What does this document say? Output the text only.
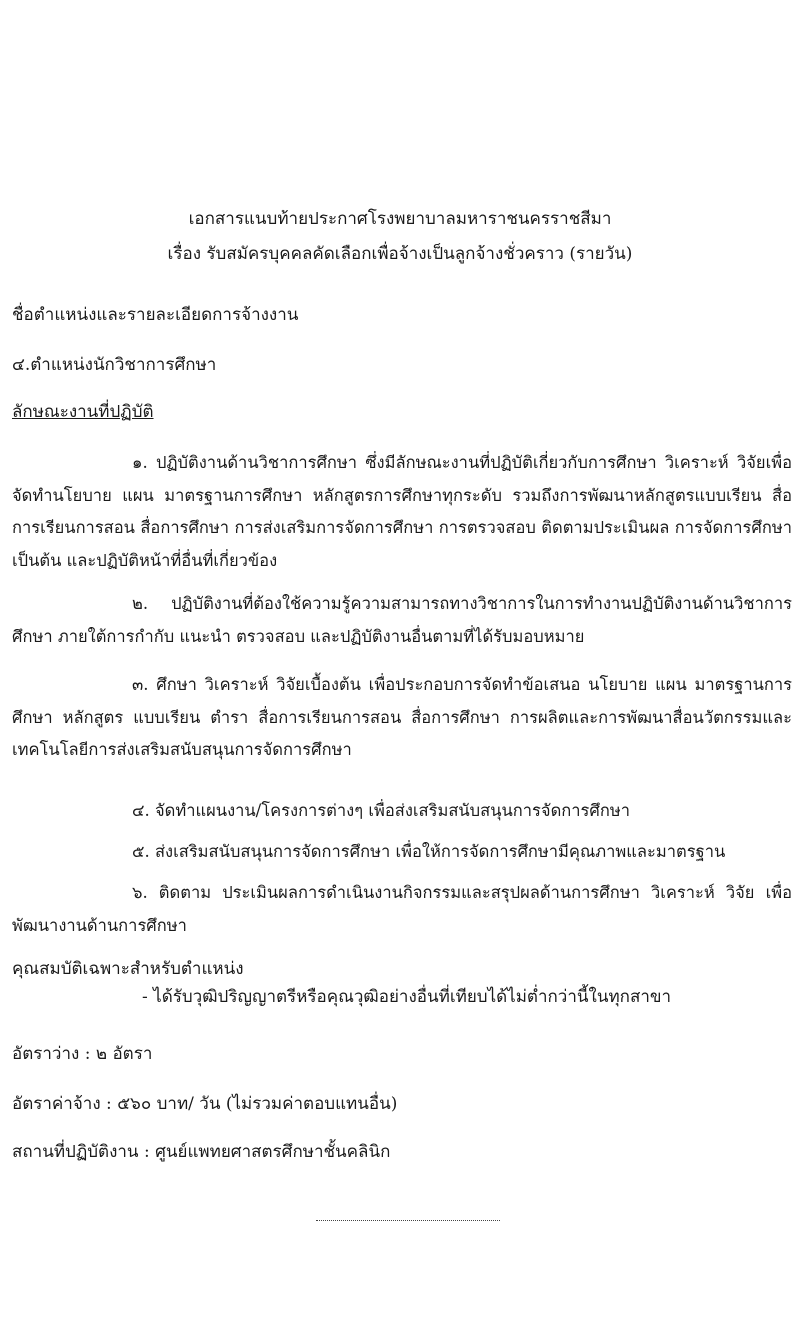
เอกสารแนบท้ายประกาศโรงพยาบาลมหาราชนครราชสีมา
เรื่อง รับสมัครบุคคลคัดเลือกเพื่อจ้างเป็นลูกจ้างชั่วคราว (รายวัน)
ชื่อตำแหน่งและรายละเอียดการจ้างงาน
๔.ตำแหน่งนักวิชาการศึกษา
ลักษณะงานที่ปฏิบัติ
๑. ปฏิบัติงานด้านวิชาการศึกษา ซึ่งมีลักษณะงานที่ปฏิบัติเกี่ยวกับการศึกษา วิเคราะห์ วิจัยเพื่อจัดทำนโยบาย แผน มาตรฐานการศึกษา หลักสูตรการศึกษาทุกระดับ รวมถึงการพัฒนาหลักสูตรแบบเรียน สื่อการเรียนการสอน สื่อการศึกษา การส่งเสริมการจัดการศึกษา การตรวจสอบ ติดตามประเมินผล การจัดการศึกษา เป็นต้น และปฏิบัติหน้าที่อื่นที่เกี่ยวข้อง
๒. ปฏิบัติงานที่ต้องใช้ความรู้ความสามารถทางวิชาการในการทำงานปฏิบัติงานด้านวิชาการศึกษา ภายใต้การกำกับ แนะนำ ตรวจสอบ และปฏิบัติงานอื่นตามที่ได้รับมอบหมาย
๓. ศึกษา วิเคราะห์ วิจัยเบื้องต้น เพื่อประกอบการจัดทำข้อเสนอ นโยบาย แผน มาตรฐานการศึกษา หลักสูตร แบบเรียน ตำรา สื่อการเรียนการสอน สื่อการศึกษา การผลิตและการพัฒนาสื่อนวัตกรรมและเทคโนโลยีการส่งเสริมสนับสนุนการจัดการศึกษา
๔. จัดทำแผนงาน/โครงการต่างๆ เพื่อส่งเสริมสนับสนุนการจัดการศึกษา
๕. ส่งเสริมสนับสนุนการจัดการศึกษา เพื่อให้การจัดการศึกษามีคุณภาพและมาตรฐาน
๖. ติดตาม ประเมินผลการดำเนินงานกิจกรรมและสรุปผลด้านการศึกษา วิเคราะห์ วิจัย เพื่อพัฒนางานด้านการศึกษา
คุณสมบัติเฉพาะสำหรับตำแหน่ง
- ได้รับวุฒิปริญญาตรีหรือคุณวุฒิอย่างอื่นที่เทียบได้ไม่ต่ำกว่านี้ในทุกสาขา
อัตราว่าง : ๒ อัตรา
อัตราค่าจ้าง : ๕๖๐ บาท/ วัน (ไม่รวมค่าตอบแทนอื่น)
สถานที่ปฏิบัติงาน : ศูนย์แพทยศาสตรศึกษาชั้นคลินิก
